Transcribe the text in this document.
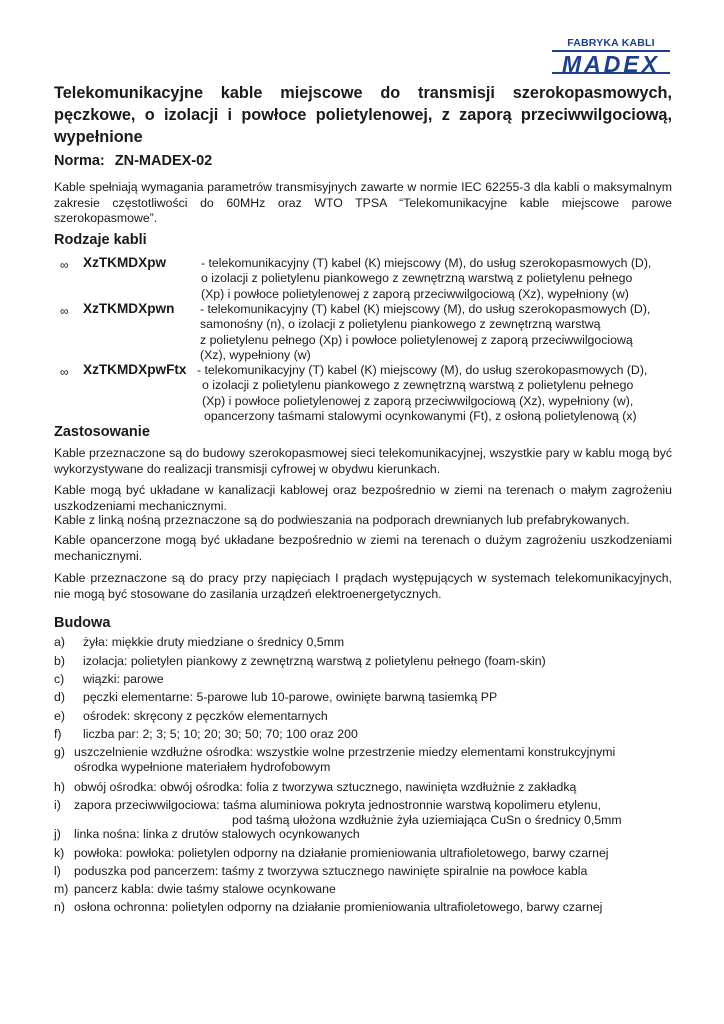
FABRYKA KABLI
MADEX
Telekomunikacyjne kable miejscowe do transmisji szerokopasmowych, pęczkowe, o izolacji i powłoce polietylenowej, z zaporą przeciwwilgociową, wypełnione
Norma: ZN-MADEX-02

Kable spełniają wymagania parametrów transmisyjnych zawarte w normie IEC 62255-3 dla kabli o maksymalnym zakresie częstotliwości do 60MHz oraz WTO TPSA “Telekomunikacyjne kable miejscowe parowe szerokopasmowe”.

Rodzaje kabli
∞ XzTKMDXpw	- telekomunikacyjny (T) kabel (K) miejscowy (M), do usług szerokopasmowych (D),
o izolacji z polietylenu piankowego z zewnętrzną warstwą z polietylenu pełnego
(Xp) i powłoce polietylenowej z zaporą przeciwwilgociową (Xz), wypełniony (w)
∞ XzTKMDXpwn - telekomunikacyjny (T) kabel (K) miejscowy (M), do usług szerokopasmowych (D),
samonośny (n), o izolacji z polietylenu piankowego z zewnętrzną warstwą
z polietylenu pełnego (Xp) i powłoce polietylenowej z zaporą przeciwwilgociową
(Xz), wypełniony (w)
∞ XzTKMDXpwFtx - telekomunikacyjny (T) kabel (K) miejscowy (M), do usług szerokopasmowych (D),
o izolacji z polietylenu piankowego z zewnętrzną warstwą z polietylenu pełnego
(Xp) i powłoce polietylenowej z zaporą przeciwwilgociową (Xz), wypełniony (w),
opancerzony taśmami stalowymi ocynkowanymi (Ft), z osłoną polietylenową (x)
Zastosowanie

Kable przeznaczone są do budowy szerokopasmowej sieci telekomunikacyjnej, wszystkie pary w kablu mogą być wykorzystywane do realizacji transmisji cyfrowej w obydwu kierunkach.

Kable mogą być układane w kanalizacji kablowej oraz bezpośrednio w ziemi na terenach o małym zagrożeniu uszkodzeniami mechanicznymi.

Kable z linką nośną przeznaczone są do podwieszania na podporach drewnianych lub prefabrykowanych.

Kable opancerzone mogą być układane bezpośrednio w ziemi na terenach o dużym zagrożeniu uszkodzeniami mechanicznymi.

Kable przeznaczone są do pracy przy napięciach I prądach występujących w systemach telekomunikacyjnych, nie mogą być stosowane do zasilania urządzeń elektroenergetycznych.

Budowa
a) żyła: miękkie druty miedziane o średnicy 0,5mm
b) izolacja: polietylen piankowy z zewnętrzną warstwą z polietylenu pełnego (foam-skin)
c) wiązki: parowe
d) pęczki elementarne: 5-parowe lub 10-parowe, owinięte barwną tasiemką PP
e) ośrodek: skręcony z pęczków elementarnych
f) liczba par: 2; 3; 5; 10; 20; 30; 50; 70; 100 oraz 200
g) uszczelnienie wzdłużne ośrodka: wszystkie wolne przestrzenie miedzy elementami konstrukcyjnymi
ośrodka wypełnione materiałem hydrofobowym
h) obwój ośrodka: obwój ośrodka: folia z tworzywa sztucznego, nawinięta wzdłużnie z zakładką
i) zapora przeciwwilgociowa: taśma aluminiowa pokryta jednostronnie warstwą kopolimeru etylenu,
pod taśmą ułożona wzdłużnie żyła uziemiająca CuSn o średnicy 0,5mm
j) linka nośna: linka z drutów stalowych ocynkowanych
k) powłoka: powłoka: polietylen odporny na działanie promieniowania ultrafioletowego, barwy czarnej
l) poduszka pod pancerzem: taśmy z tworzywa sztucznego nawinięte spiralnie na powłoce kabla
m) pancerz kabla: dwie taśmy stalowe ocynkowane
n) osłona ochronna: polietylen odporny na działanie promieniowania ultrafioletowego, barwy czarnej
